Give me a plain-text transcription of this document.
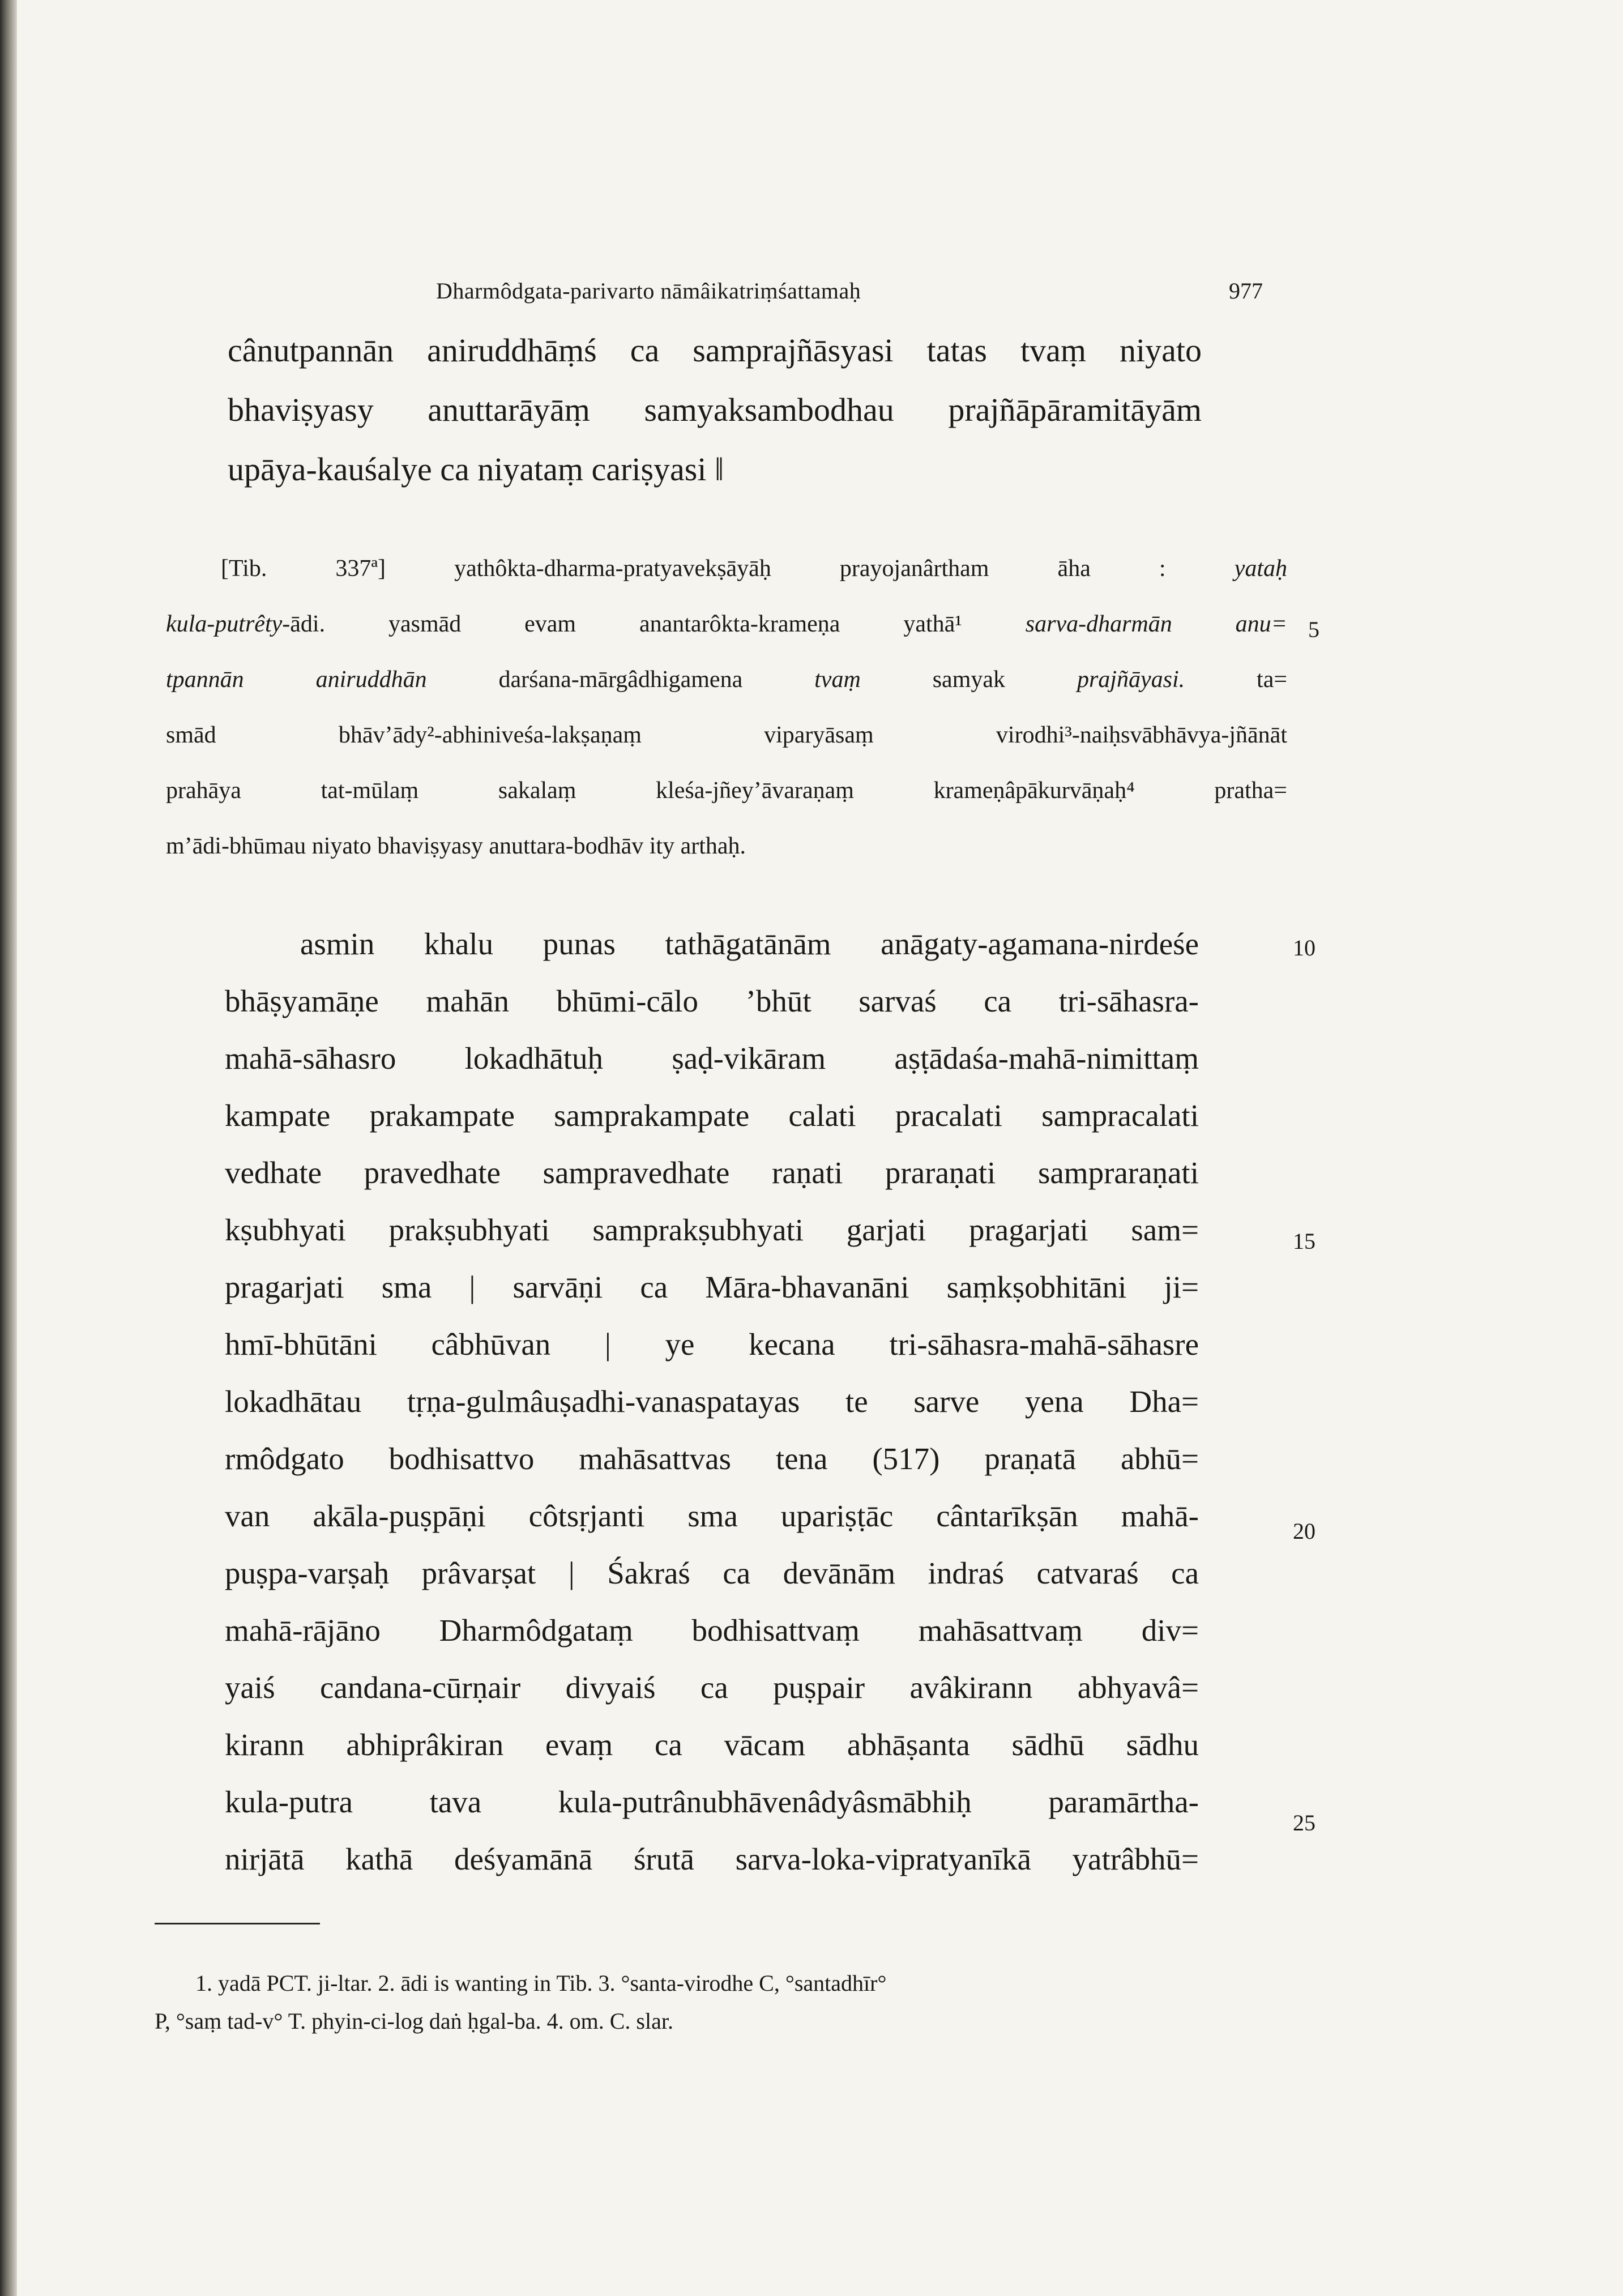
Dharmôdgata-parivarto nāmâikatriṃśattamaḥ	977
cânutpannān aniruddhāṃś ca samprajñāsyasi tatas tvaṃ niyato
bhaviṣyasy anuttarāyāṃ samyaksambodhau prajñāpāramitāyām
upāya-kauśalye ca niyataṃ cariṣyasi ‖
[Tib. 337ª] yathôkta-dharma-pratyavekṣāyāḥ prayojanârtham āha : yataḥ
kula-putrêty-ādi. yasmād evam anantarôkta-krameṇa yathā¹ sarva-dharmān anu=
tpannān aniruddhān darśana-mārgâdhigamena tvaṃ samyak prajñāyasi. ta=
smād bhāv’ādy²-abhiniveśa-lakṣaṇaṃ viparyāsaṃ virodhi³-naiḥsvābhāvya-jñānāt
prahāya tat-mūlaṃ sakalaṃ kleśa-jñey’āvaraṇaṃ krameṇâpākurvāṇaḥ⁴ pratha=
m’ādi-bhūmau niyato bhaviṣyasy anuttara-bodhāv ity arthaḥ.
asmin khalu punas tathāgatānām anāgaty-agamana-nirdeśe
bhāṣyamāṇe mahān bhūmi-cālo ’bhūt sarvaś ca tri-sāhasra-
mahā-sāhasro lokadhātuḥ ṣaḍ-vikāram aṣṭādaśa-mahā-nimittaṃ
kampate prakampate samprakampate calati pracalati sampracalati
vedhate pravedhate sampravedhate raṇati praraṇati sampraraṇati
kṣubhyati prakṣubhyati samprakṣubhyati garjati pragarjati sam=
pragarjati sma | sarvāṇi ca Māra-bhavanāni saṃkṣobhitāni ji=
hmī-bhūtāni câbhūvan | ye kecana tri-sāhasra-mahā-sāhasre
lokadhātau tṛṇa-gulmâuṣadhi-vanaspatayas te sarve yena Dha=
rmôdgato bodhisattvo mahāsattvas tena (517) praṇatā abhū=
van akāla-puṣpāṇi côtsṛjanti sma upariṣṭāc cântarīkṣān mahā-
puṣpa-varṣaḥ prâvarṣat | Śakraś ca devānām indraś catvaraś ca
mahā-rājāno Dharmôdgataṃ bodhisattvaṃ mahāsattvaṃ div=
yaiś candana-cūrṇair divyaiś ca puṣpair avâkirann abhyavâ=
kirann abhiprâkiran evaṃ ca vācam abhāṣanta sādhū sādhu
kula-putra tava kula-putrânubhāvenâdyâsmābhiḥ paramārtha-
nirjātā kathā deśyamānā śrutā sarva-loka-vipratyanīkā yatrâbhū=
5
10
15
20
25
1. yadā PCT. ji-ltar. 2. ādi is wanting in Tib. 3. °santa-virodhe C, °santadhīr°
P, °saṃ tad-v° T. phyin-ci-log daṅ ḥgal-ba. 4. om. C. slar.
